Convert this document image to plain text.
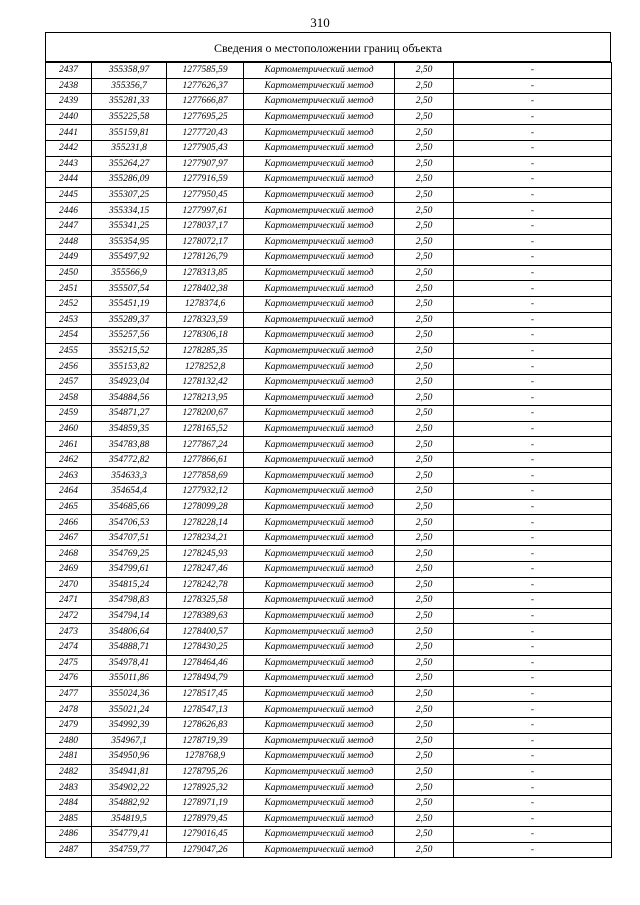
310
Сведения о местоположении границ объекта
2437	355358,97	1277585,59	Картометрический метод	2,50	-
2438	355356,7	1277626,37	Картометрический метод	2,50	-
2439	355281,33	1277666,87	Картометрический метод	2,50	-
2440	355225,58	1277695,25	Картометрический метод	2,50	-
2441	355159,81	1277720,43	Картометрический метод	2,50	-
2442	355231,8	1277905,43	Картометрический метод	2,50	-
2443	355264,27	1277907,97	Картометрический метод	2,50	-
2444	355286,09	1277916,59	Картометрический метод	2,50	-
2445	355307,25	1277950,45	Картометрический метод	2,50	-
2446	355334,15	1277997,61	Картометрический метод	2,50	-
2447	355341,25	1278037,17	Картометрический метод	2,50	-
2448	355354,95	1278072,17	Картометрический метод	2,50	-
2449	355497,92	1278126,79	Картометрический метод	2,50	-
2450	355566,9	1278313,85	Картометрический метод	2,50	-
2451	355507,54	1278402,38	Картометрический метод	2,50	-
2452	355451,19	1278374,6	Картометрический метод	2,50	-
2453	355289,37	1278323,59	Картометрический метод	2,50	-
2454	355257,56	1278306,18	Картометрический метод	2,50	-
2455	355215,52	1278285,35	Картометрический метод	2,50	-
2456	355153,82	1278252,8	Картометрический метод	2,50	-
2457	354923,04	1278132,42	Картометрический метод	2,50	-
2458	354884,56	1278213,95	Картометрический метод	2,50	-
2459	354871,27	1278200,67	Картометрический метод	2,50	-
2460	354859,35	1278165,52	Картометрический метод	2,50	-
2461	354783,88	1277867,24	Картометрический метод	2,50	-
2462	354772,82	1277866,61	Картометрический метод	2,50	-
2463	354633,3	1277858,69	Картометрический метод	2,50	-
2464	354654,4	1277932,12	Картометрический метод	2,50	-
2465	354685,66	1278099,28	Картометрический метод	2,50	-
2466	354706,53	1278228,14	Картометрический метод	2,50	-
2467	354707,51	1278234,21	Картометрический метод	2,50	-
2468	354769,25	1278245,93	Картометрический метод	2,50	-
2469	354799,61	1278247,46	Картометрический метод	2,50	-
2470	354815,24	1278242,78	Картометрический метод	2,50	-
2471	354798,83	1278325,58	Картометрический метод	2,50	-
2472	354794,14	1278389,63	Картометрический метод	2,50	-
2473	354806,64	1278400,57	Картометрический метод	2,50	-
2474	354888,71	1278430,25	Картометрический метод	2,50	-
2475	354978,41	1278464,46	Картометрический метод	2,50	-
2476	355011,86	1278494,79	Картометрический метод	2,50	-
2477	355024,36	1278517,45	Картометрический метод	2,50	-
2478	355021,24	1278547,13	Картометрический метод	2,50	-
2479	354992,39	1278626,83	Картометрический метод	2,50	-
2480	354967,1	1278719,39	Картометрический метод	2,50	-
2481	354950,96	1278768,9	Картометрический метод	2,50	-
2482	354941,81	1278795,26	Картометрический метод	2,50	-
2483	354902,22	1278925,32	Картометрический метод	2,50	-
2484	354882,92	1278971,19	Картометрический метод	2,50	-
2485	354819,5	1278979,45	Картометрический метод	2,50	-
2486	354779,41	1279016,45	Картометрический метод	2,50	-
2487	354759,77	1279047,26	Картометрический метод	2,50	-
